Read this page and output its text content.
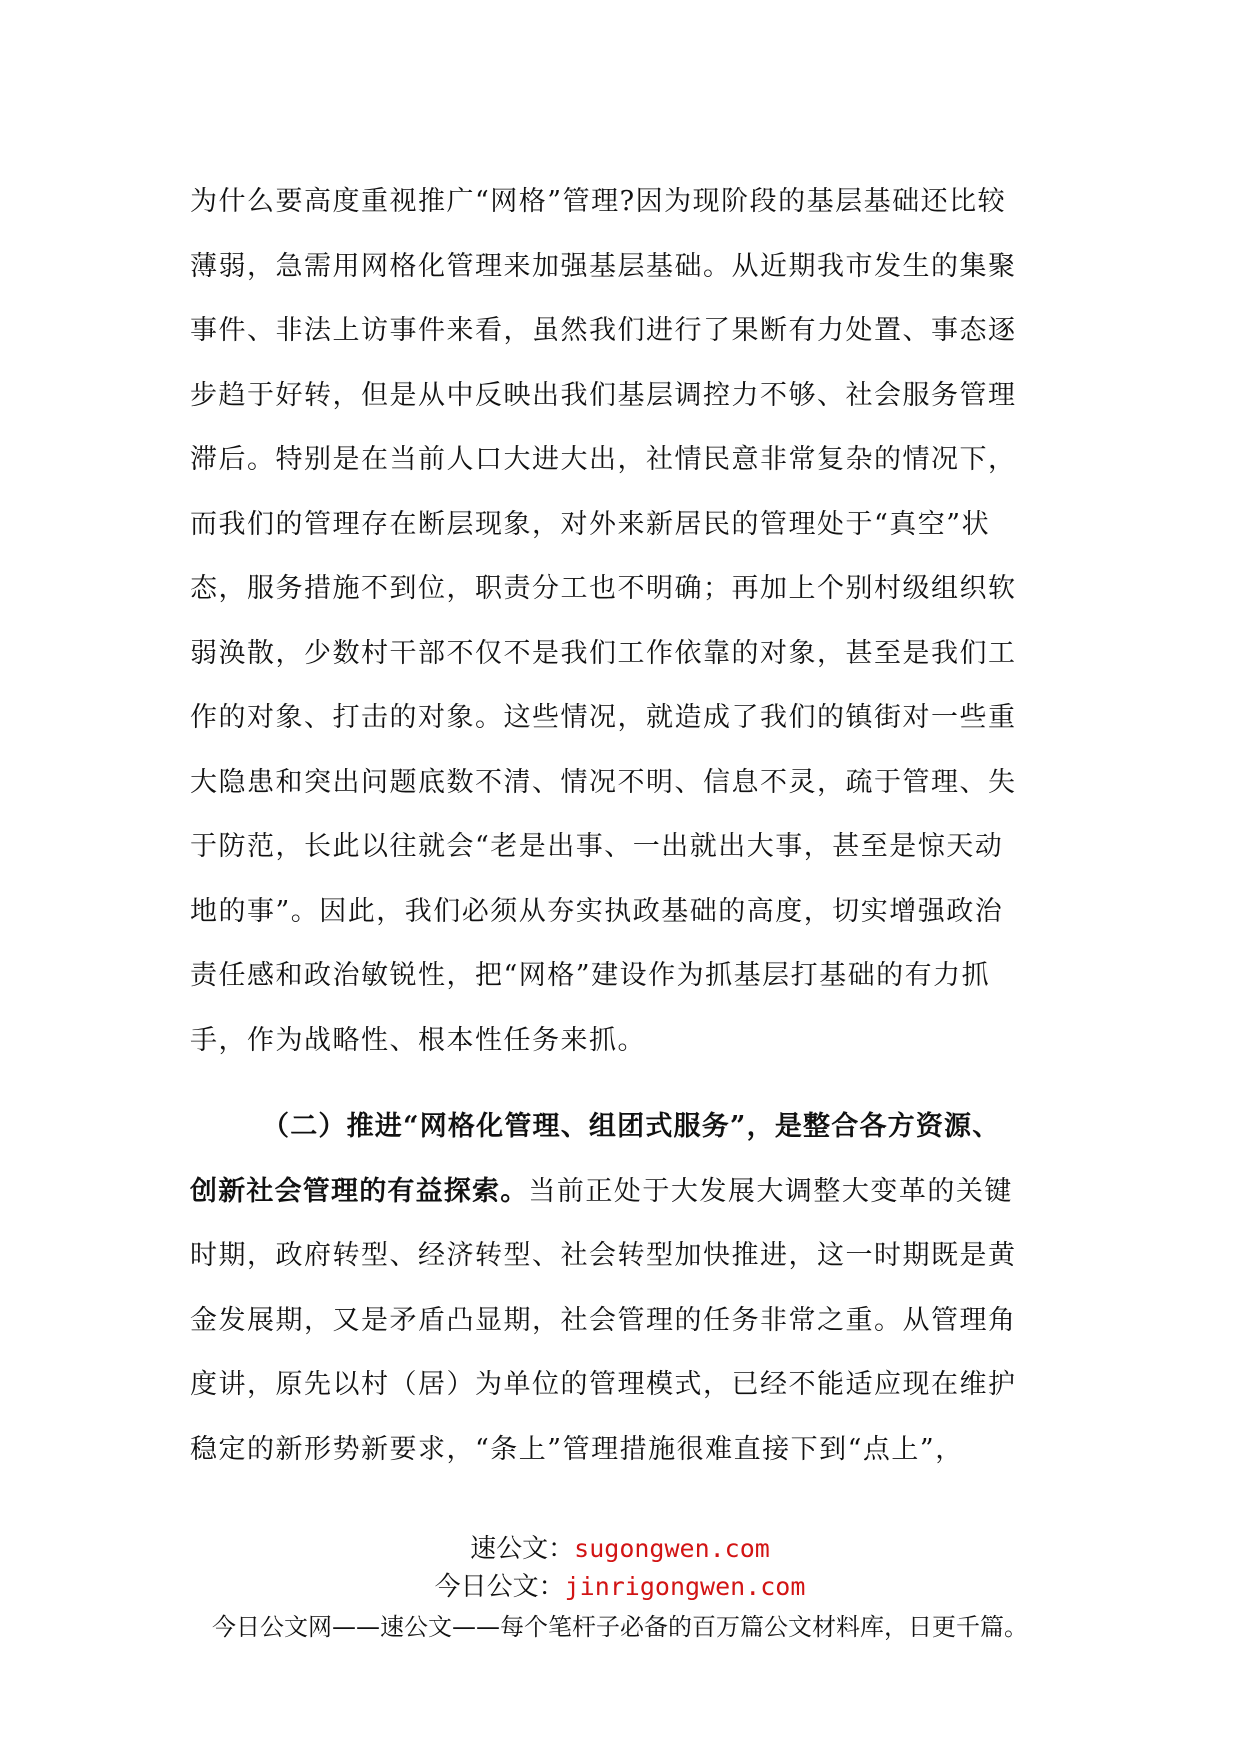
为什么要高度重视推广“网格”管理?因为现阶段的基层基础还比较
薄弱，急需用网格化管理来加强基层基础。从近期我市发生的集聚
事件、非法上访事件来看，虽然我们进行了果断有力处置、事态逐
步趋于好转，但是从中反映出我们基层调控力不够、社会服务管理
滞后。特别是在当前人口大进大出，社情民意非常复杂的情况下，
而我们的管理存在断层现象，对外来新居民的管理处于“真空”状
态，服务措施不到位，职责分工也不明确；再加上个别村级组织软
弱涣散，少数村干部不仅不是我们工作依靠的对象，甚至是我们工
作的对象、打击的对象。这些情况，就造成了我们的镇街对一些重
大隐患和突出问题底数不清、情况不明、信息不灵，疏于管理、失
于防范，长此以往就会“老是出事、一出就出大事，甚至是惊天动
地的事”。因此，我们必须从夯实执政基础的高度，切实增强政治
责任感和政治敏锐性，把“网格”建设作为抓基层打基础的有力抓
手，作为战略性、根本性任务来抓。
（二）推进“网格化管理、组团式服务”，是整合各方资源、
创新社会管理的有益探索。当前正处于大发展大调整大变革的关键
时期，政府转型、经济转型、社会转型加快推进，这一时期既是黄
金发展期，又是矛盾凸显期，社会管理的任务非常之重。从管理角
度讲，原先以村（居）为单位的管理模式，已经不能适应现在维护
稳定的新形势新要求，“条上”管理措施很难直接下到“点上”，
速公文：sugongwen.com
今日公文：jinrigongwen.com
今日公文网——速公文——每个笔杆子必备的百万篇公文材料库，日更千篇。
